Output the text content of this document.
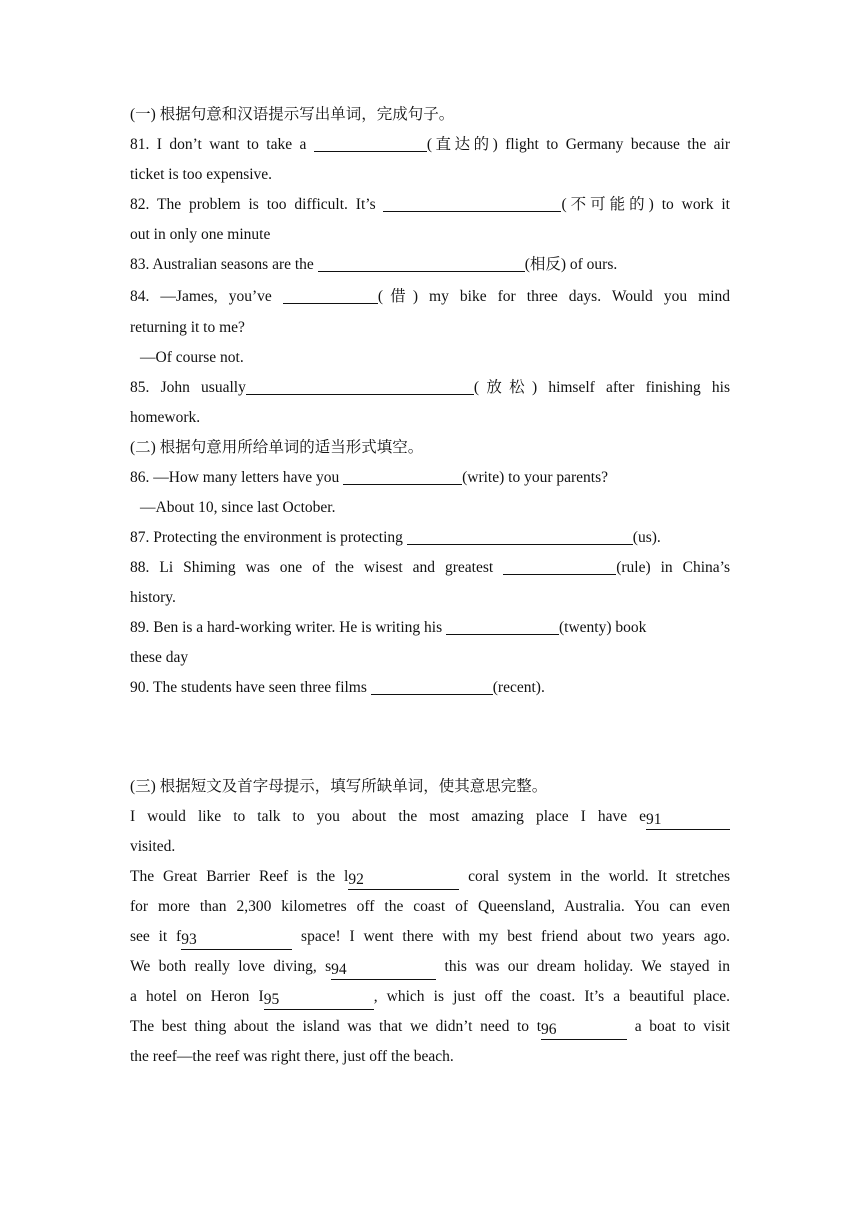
(一) 根据句意和汉语提示写出单词，完成句子。
81. I don’t want to take a	(直达的) flight to Germany because the air
ticket is too expensive.
82. The problem is too difficult. It’s	(不可能的) to work it
out in only one minute
83. Australian seasons are the	(相反) of ours.
84. —James, you’ve	(借) my bike for three days. Would you mind
returning it to me?
—Of course not.
85. John usually	(放松) himself after finishing his
homework.
(二) 根据句意用所给单词的适当形式填空。
86. —How many letters have you	(write) to your parents?
—About 10, since last October.
87. Protecting the environment is protecting	(us).
88. Li Shiming was one of the wisest and greatest	(rule) in China’s
history.
89. Ben is a hard-working writer. He is writing his	(twenty) book
these day
90. The students have seen three films	(recent).
(三) 根据短文及首字母提示，填写所缺单词，使其意思完整。
I would like to talk to you about the most amazing place I have e91
visited.
The Great Barrier Reef is the l92	coral system in the world. It stretches
for more than 2,300 kilometres off the coast of Queensland, Australia. You can even
see it f93	space! I went there with my best friend about two years ago.
We both really love diving, s94	this was our dream holiday. We stayed in
a hotel on Heron I95	, which is just off the coast. It’s a beautiful place.
The best thing about the island was that we didn’t need to t96	a boat to visit
the reef—the reef was right there, just off the beach.
